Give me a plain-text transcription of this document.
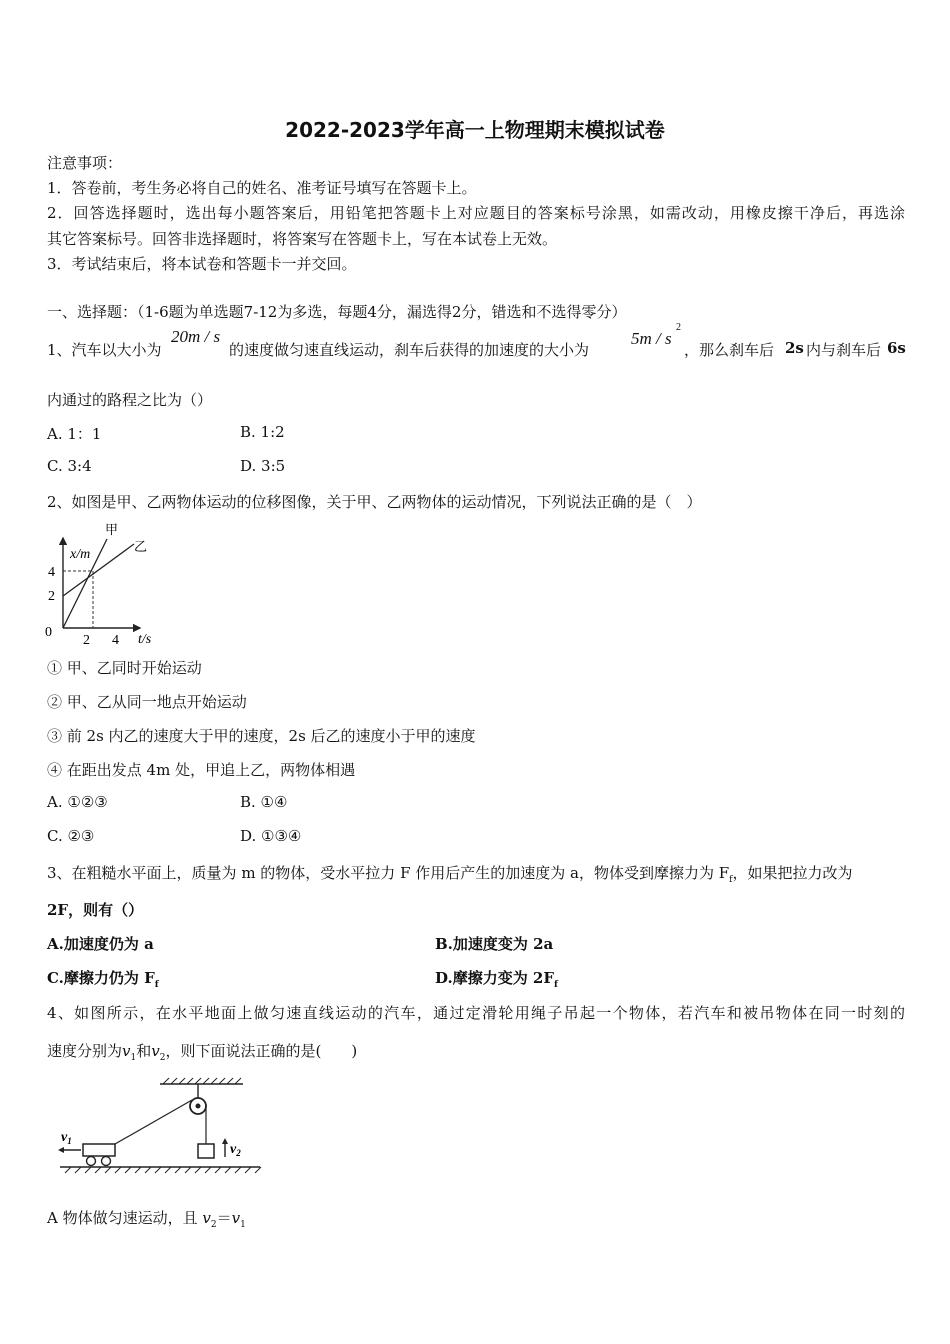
2022-2023学年高一上物理期末模拟试卷
注意事项：
1．答卷前，考生务必将自己的姓名、准考证号填写在答题卡上。
2．回答选择题时，选出每小题答案后，用铅笔把答题卡上对应题目的答案标号涂黑，如需改动，用橡皮擦干净后，再选涂
其它答案标号。回答非选择题时，将答案写在答题卡上，写在本试卷上无效。
3．考试结束后，将本试卷和答题卡一并交回。
一、选择题：（1-6题为单选题7-12为多选，每题4分，漏选得2分，错选和不选得零分）
1、汽车以大小为
20m / s
的速度做匀速直线运动，刹车后获得的加速度的大小为
5m / s
2
，那么刹车后 2s 内与刹车后 6s
内通过的路程之比为（）
A. 1：1	B. 1:2
C. 3:4	D. 3:5
2、如图是甲、乙两物体运动的位移图像，关于甲、乙两物体的运动情况，下列说法正确的是（　）
甲
乙
x/m
t/s
4
2
0
2 4
① 甲、乙同时开始运动
② 甲、乙从同一地点开始运动
③ 前 2s 内乙的速度大于甲的速度，2s 后乙的速度小于甲的速度
④ 在距出发点 4m 处，甲追上乙，两物体相遇
A. ①②③	B. ①④
C. ②③	D. ①③④
3、在粗糙水平面上，质量为 m 的物体，受水平拉力 F 作用后产生的加速度为 a，物体受到摩擦力为 $F_f$，如果把拉力改为
2F，则有（）
A.加速度仍为 a	B.加速度变为 2a
C.摩擦力仍为 $F_f$	D.摩擦力变为 $2F_f$
4、如图所示，在水平地面上做匀速直线运动的汽车，通过定滑轮用绳子吊起一个物体，若汽车和被吊物体在同一时刻的
速度分别为$v_1$和$v_2$，则下面说法正确的是(　　)
$v_1$
$v_2$
A 物体做匀速运动，且 $v_2=v_1$
